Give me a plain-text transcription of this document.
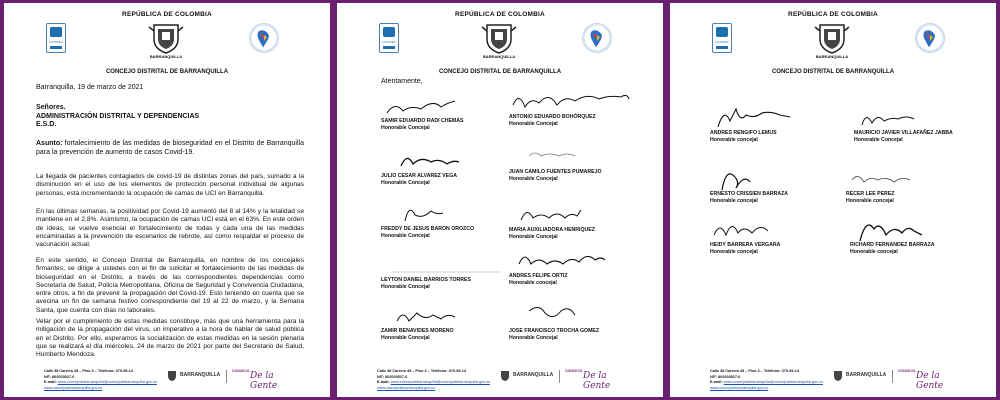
REPÚBLICA DE COLOMBIA
ICONTEC
BARRANQUILLA
CONCEJO DISTRITAL DE BARRANQUILLA
Barranquilla, 19 de marzo de 2021
Señores.
ADMINISTRACIÓN DISTRITAL Y DEPENDENCIAS
E.S.D.
Asunto: fortalecimiento de las medidas de bioseguridad en el Distrito de Barranquilla para la prevención de aumento de casos Covid-19.
La llegada de pacientes contagiados de covid-19 de distintas zonas del país, sumado a la disminución en el uso de los elementos de protección personal individual de algunas personas, está incrementando la ocupación de camas de UCI en Barranquilla.
En las últimas semanas, la positividad por Covid-19 aumentó del 8 al 14% y la letalidad se mantiene en el 2,8%. Asimismo, la ocupación de camas UCI está en el 63%. En este orden de ideas, se vuelve esencial el fortalecimiento de todas y cada una de las medidas encaminadas a la prevención de escenarios de rebrote, así como respaldar el proceso de vacunación actual.
En este sentido, el Concejo Distrital de Barranquilla, en nombre de los concejales firmantes, se dirige a ustedes con el fin de solicitar el fortalecimiento de las medidas de bioseguridad en el Distrito, a través de las correspondientes dependencias como Secretaría de Salud, Policía Metropolitana, Oficina de Seguridad y Convivencia Ciudadana, entre otros, a fin de prevenir la propagación del Covid-19. Esto teniendo en cuenta que se avecina un fin de semana festivo correspondiente del 19 al 22 de marzo, y la Semana Santa, que cuenta con días no laborales.
Velar por el cumplimiento de estas medidas constituye, más que una herramienta para la mitigación de la propagación del virus, un imperativo a la hora de hablar de salud pública en el Distrito. Por ello, esperamos la socialización de estas medidas en la sesión plenaria que se realizará el día miércoles, 24 de marzo de 2021 por parte del Secretario de Salud, Humberto Mendoza.
Calle 38 Carrera 45 – Piso 3 – Teléfono: 370-99-14
NIT: 802003527-6
E-mail: www.concejodebarranquilla@concejodebarranquilla.gov.co
www.concejodebarranquilla.gov.co
BARRANQUILLA
CONCEJO De la Gente
REPÚBLICA DE COLOMBIA
ICONTEC
BARRANQUILLA
CONCEJO DISTRITAL DE BARRANQUILLA
Atentamente,
SAMIR EDUARDO RADI CHEMÁS
Honorable Concejal
ANTONIO EDUARDO BOHÓRQUEZ
Honorable Concejal
JULIO CESAR ALVAREZ VEGA
Honorable Concejal
JUAN CAMILO FUENTES PUMAREJO
Honorable Concejal
FREDDY DE JESUS BARON OROZCO
Honorable Concejal
MARIA AUXILIADORA HENRIQUEZ
Honorable Concejal
LEYTON DANIEL BARRIOS TORRES
Honorable Concejal
ANDRES FELIPE ORTIZ
Honorable concejal
ZAMIR BENAVIDES MORENO
Honorable Concejal
JOSE FRANCISCO TROCHA GOMEZ
Honorable Concejal
Calle 38 Carrera 45 – Piso 3 – Teléfono: 370-99-14
NIT: 802003527-6
E-mail: www.concejodebarranquilla@concejodebarranquilla.gov.co
www.concejodebarranquilla.gov.co
BARRANQUILLA
CONCEJO De la Gente
REPÚBLICA DE COLOMBIA
ICONTEC
BARRANQUILLA
CONCEJO DISTRITAL DE BARRANQUILLA
ANDRES RENGIFO LEMUS
Honorable concejal
MAURICIO JAVIER VILLAFAÑEZ JABBA
Honorable Concejal
ERNESTO CRISSIEN BARRAZA
Honorable concejal
RECER LEE PEREZ
Honorable concejal
HEIDY BARRERA VERGARA
Honorable concejal
RICHARD FERNANDEZ BARRAZA
Honorable concejal
Calle 38 Carrera 45 – Piso 3 – Teléfono: 370-99-14
NIT: 802003527-6
E-mail: www.concejodebarranquilla@concejodebarranquilla.gov.co
www.concejodebarranquilla.gov.co
BARRANQUILLA
CONCEJO De la Gente
